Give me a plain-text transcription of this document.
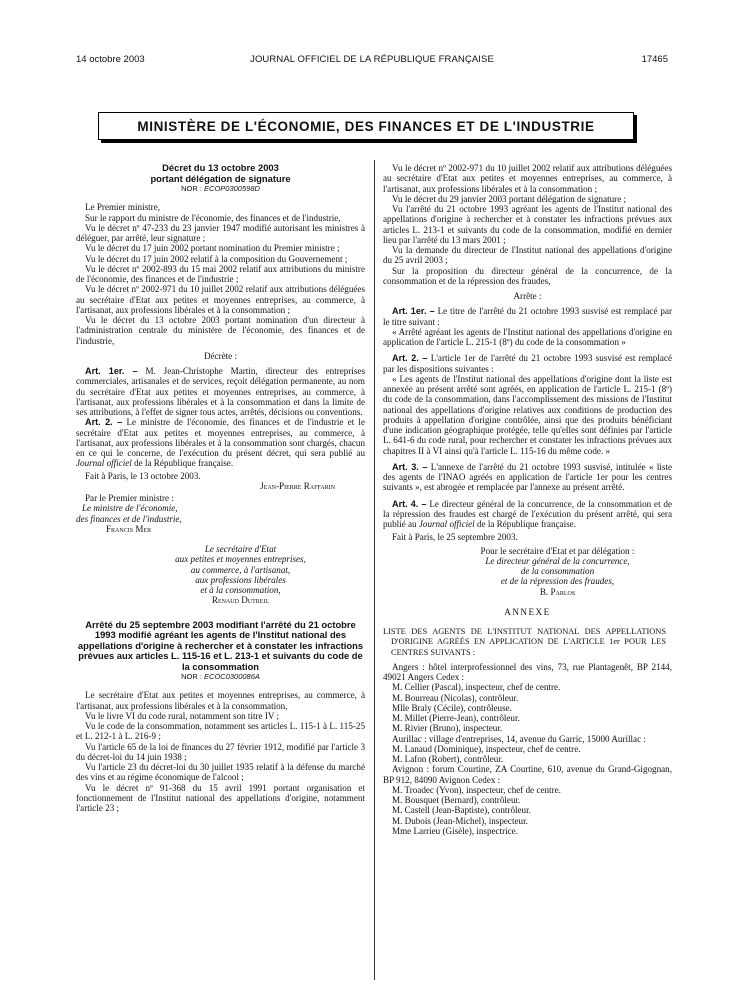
14 octobre 2003	JOURNAL OFFICIEL DE LA RÉPUBLIQUE FRANÇAISE	17465
MINISTÈRE DE L'ÉCONOMIE, DES FINANCES ET DE L'INDUSTRIE

Décret du 13 octobre 2003

portant délégation de signature

NOR : ECOP0300598D

Le Premier ministre,

Sur le rapport du ministre de l'économie, des finances et de l'industrie,

Vu le décret nº 47-233 du 23 janvier 1947 modifié autorisant les ministres à déléguer, par arrêté, leur signature ;

Vu le décret du 17 juin 2002 portant nomination du Premier ministre ;

Vu le décret du 17 juin 2002 relatif à la composition du Gouvernement ;

Vu le décret nº 2002-893 du 15 mai 2002 relatif aux attributions du ministre de l'économie, des finances et de l'industrie ;

Vu le décret nº 2002-971 du 10 juillet 2002 relatif aux attributions déléguées au secrétaire d'Etat aux petites et moyennes entreprises, au commerce, à l'artisanat, aux professions libérales et à la consommation ;

Vu le décret du 13 octobre 2003 portant nomination d'un directeur à l'administration centrale du ministère de l'économie, des finances et de l'industrie,

Décrète :

Art. 1er. – M. Jean-Christophe Martin, directeur des entreprises commerciales, artisanales et de services, reçoit délégation permanente, au nom du secrétaire d'Etat aux petites et moyennes entreprises, au commerce, à l'artisanat, aux professions libérales et à la consommation et dans la limite de ses attributions, à l'effet de signer tous actes, arrêtés, décisions ou conventions.

Art. 2. – Le ministre de l'économie, des finances et de l'industrie et le secrétaire d'Etat aux petites et moyennes entreprises, au commerce, à l'artisanat, aux professions libérales et à la consommation sont chargés, chacun en ce qui le concerne, de l'exécution du présent décret, qui sera publié au Journal officiel de la République française.

Fait à Paris, le 13 octobre 2003.

Jean-Pierre Raffarin

Par le Premier ministre :

Le ministre de l'économie,

des finances et de l'industrie,

Francis Mer

Le secrétaire d'Etat
aux petites et moyennes entreprises,
au commerce, à l'artisanat,
aux professions libérales
et à la consommation,
Renaud Dutreil

Arrêté du 25 septembre 2003 modifiant l'arrêté du 21 octobre 1993 modifié agréant les agents de l'Institut national des appellations d'origine à rechercher et à constater les infractions prévues aux articles L. 115-16 et L. 213-1 et suivants du code de la consommation

NOR : ECOC0300086A

Le secrétaire d'Etat aux petites et moyennes entreprises, au commerce, à l'artisanat, aux professions libérales et à la consommation,

Vu le livre VI du code rural, notamment son titre IV ;

Vu le code de la consommation, notamment ses articles L. 115-1 à L. 115-25 et L. 212-1 à L. 216-9 ;

Vu l'article 65 de la loi de finances du 27 février 1912, modifié par l'article 3 du décret-loi du 14 juin 1938 ;

Vu l'article 23 du décret-loi du 30 juillet 1935 relatif à la défense du marché des vins et au régime économique de l'alcool ;

Vu le décret nº 91-368 du 15 avril 1991 portant organisation et fonctionnement de l'Institut national des appellations d'origine, notamment l'article 23 ;

Vu le décret nº 2002-971 du 10 juillet 2002 relatif aux attributions déléguées au secrétaire d'Etat aux petites et moyennes entreprises, au commerce, à l'artisanat, aux professions libérales et à la consommation ;

Vu le décret du 29 janvier 2003 portant délégation de signature ;

Vu l'arrêté du 21 octobre 1993 agréant les agents de l'Institut national des appellations d'origine à rechercher et à constater les infractions prévues aux articles L. 213-1 et suivants du code de la consommation, modifié en dernier lieu par l'arrêté du 13 mars 2001 ;

Vu la demande du directeur de l'Institut national des appellations d'origine du 25 avril 2003 ;

Sur la proposition du directeur général de la concurrence, de la consommation et de la répression des fraudes,

Arrête :

Art. 1er. – Le titre de l'arrêté du 21 octobre 1993 susvisé est remplacé par le titre suivant :

« Arrêté agréant les agents de l'Institut national des appellations d'origine en application de l'article L. 215-1 (8º) du code de la consommation »

Art. 2. – L'article 1er de l'arrêté du 21 octobre 1993 susvisé est remplacé par les dispositions suivantes :

« Les agents de l'Institut national des appellations d'origine dont la liste est annexée au présent arrêté sont agréés, en application de l'article L. 215-1 (8º) du code de la consommation, dans l'accomplissement des missions de l'Institut national des appellations d'origine relatives aux conditions de production des produits à appellation d'origine contrôlée, ainsi que des produits bénéficiant d'une indication géographique protégée, telle qu'elles sont définies par l'article L. 641-6 du code rural, pour rechercher et constater les infractions prévues aux chapitres II à VI ainsi qu'à l'article L. 115-16 du même code. »

Art. 3. – L'annexe de l'arrêté du 21 octobre 1993 susvisé, intitulée « liste des agents de l'INAO agréés en application de l'article 1er pour les centres suivants », est abrogée et remplacée par l'annexe au présent arrêté.

Art. 4. – Le directeur général de la concurrence, de la consommation et de la répression des fraudes est chargé de l'exécution du présent arrêté, qui sera publié au Journal officiel de la République française.

Fait à Paris, le 25 septembre 2003.

Pour le secrétaire d'Etat et par délégation :
Le directeur général de la concurrence,
de la consommation
et de la répression des fraudes,
B. Parlos

ANNEXE

LISTE DES AGENTS DE L'INSTITUT NATIONAL DES APPELLATIONS D'ORIGINE AGRÉÉS EN APPLICATION DE L'ARTICLE 1er POUR LES CENTRES SUIVANTS :

Angers : hôtel interprofessionnel des vins, 73, rue Plantagenêt, BP 2144, 49021 Angers Cedex :

M. Cellier (Pascal), inspecteur, chef de centre.

M. Bourreau (Nicolas), contrôleur.

Mlle Braly (Cécile), contrôleuse.

M. Millet (Pierre-Jean), contrôleur.

M. Rivier (Bruno), inspecteur.

Aurillac : village d'entreprises, 14, avenue du Garric, 15000 Aurillac :

M. Lanaud (Dominique), inspecteur, chef de centre.

M. Lafon (Robert), contrôleur.

Avignon : forum Courtine, ZA Courtine, 610, avenue du Grand-Gigognan, BP 912, 84090 Avignon Cedex :

M. Troadec (Yvon), inspecteur, chef de centre.

M. Bousquet (Bernard), contrôleur.

M. Castell (Jean-Baptiste), contrôleur.

M. Dubois (Jean-Michel), inspecteur.

Mme Larrieu (Gisèle), inspectrice.
